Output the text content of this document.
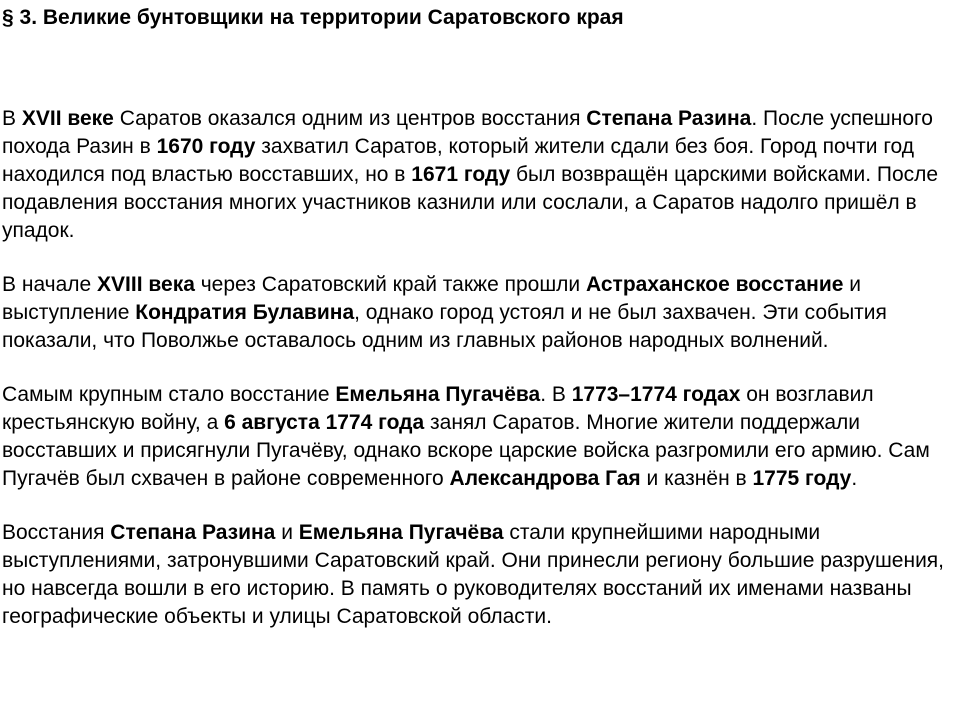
§ 3. Великие бунтовщики на территории Саратовского края

В XVII веке Саратов оказался одним из центров восстания Степана Разина. После успешного похода Разин в 1670 году захватил Саратов, который жители сдали без боя. Город почти год находился под властью восставших, но в 1671 году был возвращён царскими войсками. После подавления восстания многих участников казнили или сослали, а Саратов надолго пришёл в упадок.

В начале XVIII века через Саратовский край также прошли Астраханское восстание и выступление Кондратия Булавина, однако город устоял и не был захвачен. Эти события показали, что Поволжье оставалось одним из главных районов народных волнений.

Самым крупным стало восстание Емельяна Пугачёва. В 1773–1774 годах он возглавил крестьянскую войну, а 6 августа 1774 года занял Саратов. Многие жители поддержали восставших и присягнули Пугачёву, однако вскоре царские войска разгромили его армию. Сам Пугачёв был схвачен в районе современного Александрова Гая и казнён в 1775 году.

Восстания Степана Разина и Емельяна Пугачёва стали крупнейшими народными выступлениями, затронувшими Саратовский край. Они принесли региону большие разрушения, но навсегда вошли в его историю. В память о руководителях восстаний их именами названы географические объекты и улицы Саратовской области.
